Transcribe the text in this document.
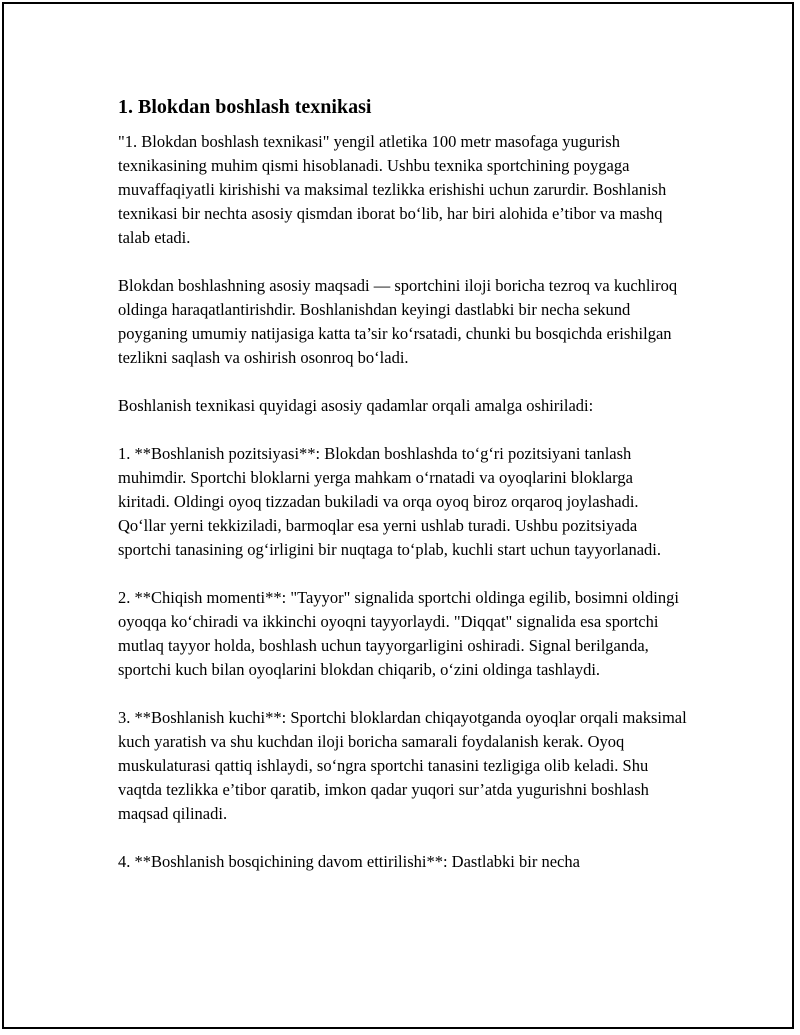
1. Blokdan boshlash texnikasi

"1. Blokdan boshlash texnikasi" yengil atletika 100 metr masofaga yugurish texnikasining muhim qismi hisoblanadi. Ushbu texnika sportchining poygaga muvaffaqiyatli kirishishi va maksimal tezlikka erishishi uchun zarurdir. Boshlanish texnikasi bir nechta asosiy qismdan iborat bo‘lib, har biri alohida e’tibor va mashq talab etadi.

Blokdan boshlashning asosiy maqsadi — sportchini iloji boricha tezroq va kuchliroq oldinga haraqatlantirishdir. Boshlanishdan keyingi dastlabki bir necha sekund poyganing umumiy natijasiga katta ta’sir ko‘rsatadi, chunki bu bosqichda erishilgan tezlikni saqlash va oshirish osonroq bo‘ladi.

Boshlanish texnikasi quyidagi asosiy qadamlar orqali amalga oshiriladi:

1. **Boshlanish pozitsiyasi**: Blokdan boshlashda to‘g‘ri pozitsiyani tanlash muhimdir. Sportchi bloklarni yerga mahkam o‘rnatadi va oyoqlarini bloklarga kiritadi. Oldingi oyoq tizzadan bukiladi va orqa oyoq biroz orqaroq joylashadi. Qo‘llar yerni tekkiziladi, barmoqlar esa yerni ushlab turadi. Ushbu pozitsiyada sportchi tanasining og‘irligini bir nuqtaga to‘plab, kuchli start uchun tayyorlanadi.

2. **Chiqish momenti**: "Tayyor" signalida sportchi oldinga egilib, bosimni oldingi oyoqqa ko‘chiradi va ikkinchi oyoqni tayyorlaydi. "Diqqat" signalida esa sportchi mutlaq tayyor holda, boshlash uchun tayyorgarligini oshiradi. Signal berilganda, sportchi kuch bilan oyoqlarini blokdan chiqarib, o‘zini oldinga tashlaydi.

3. **Boshlanish kuchi**: Sportchi bloklardan chiqayotganda oyoqlar orqali maksimal kuch yaratish va shu kuchdan iloji boricha samarali foydalanish kerak. Oyoq muskulaturasi qattiq ishlaydi, so‘ngra sportchi tanasini tezligiga olib keladi. Shu vaqtda tezlikka e’tibor qaratib, imkon qadar yuqori sur’atda yugurishni boshlash maqsad qilinadi.

4. **Boshlanish bosqichining davom ettirilishi**: Dastlabki bir necha
